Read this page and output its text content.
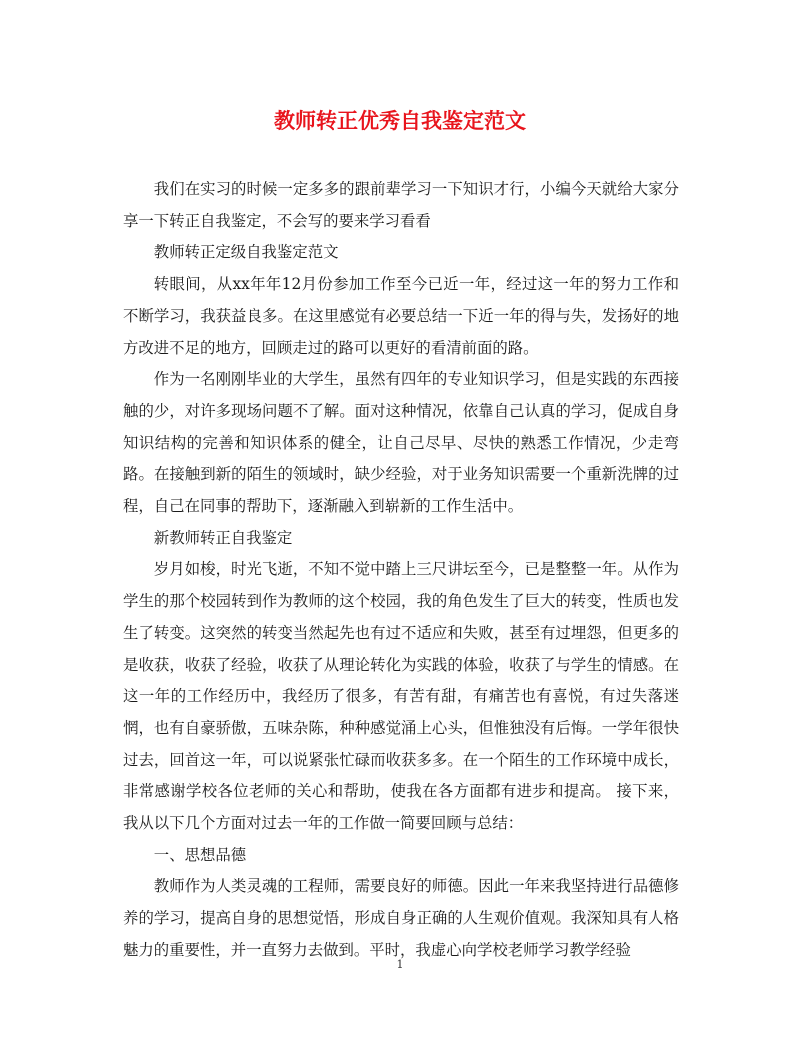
教师转正优秀自我鉴定范文

我们在实习的时候一定多多的跟前辈学习一下知识才行，小编今天就给大家分享一下转正自我鉴定，不会写的要来学习看看

教师转正定级自我鉴定范文

转眼间，从xx年年12月份参加工作至今已近一年，经过这一年的努力工作和不断学习，我获益良多。在这里感觉有必要总结一下近一年的得与失，发扬好的地方改进不足的地方，回顾走过的路可以更好的看清前面的路。

作为一名刚刚毕业的大学生，虽然有四年的专业知识学习，但是实践的东西接触的少，对许多现场问题不了解。面对这种情况，依靠自己认真的学习，促成自身知识结构的完善和知识体系的健全，让自己尽早、尽快的熟悉工作情况，少走弯路。在接触到新的陌生的领域时，缺少经验，对于业务知识需要一个重新洗牌的过程，自己在同事的帮助下，逐渐融入到崭新的工作生活中。

新教师转正自我鉴定

岁月如梭，时光飞逝，不知不觉中踏上三尺讲坛至今，已是整整一年。从作为学生的那个校园转到作为教师的这个校园，我的角色发生了巨大的转变，性质也发生了转变。这突然的转变当然起先也有过不适应和失败，甚至有过埋怨，但更多的是收获，收获了经验，收获了从理论转化为实践的体验，收获了与学生的情感。在这一年的工作经历中，我经历了很多，有苦有甜，有痛苦也有喜悦，有过失落迷惘，也有自豪骄傲，五味杂陈，种种感觉涌上心头，但惟独没有后悔。一学年很快过去，回首这一年，可以说紧张忙碌而收获多多。在一个陌生的工作环境中成长，非常感谢学校各位老师的关心和帮助，使我在各方面都有进步和提高。 接下来，我从以下几个方面对过去一年的工作做一简要回顾与总结：

一、思想品德

教师作为人类灵魂的工程师，需要良好的师德。因此一年来我坚持进行品德修养的学习，提高自身的思想觉悟，形成自身正确的人生观价值观。我深知具有人格魅力的重要性，并一直努力去做到。平时，我虚心向学校老师学习教学经验

1
